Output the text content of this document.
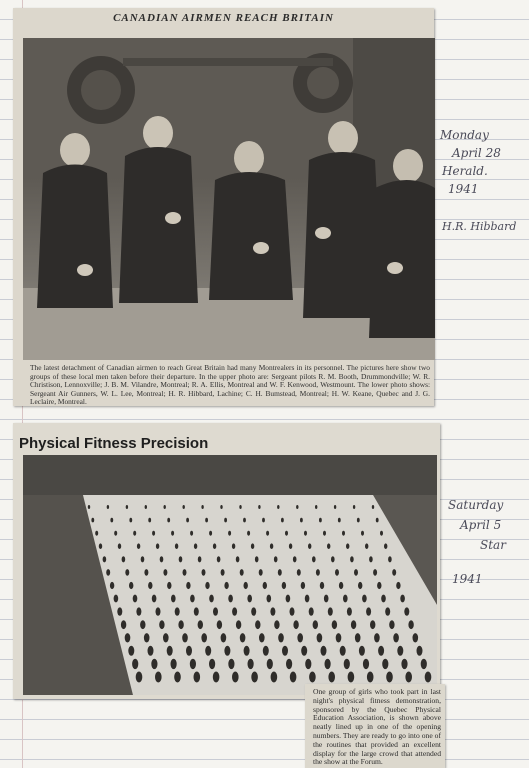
CANADIAN AIRMEN REACH BRITAIN
The latest detachment of Canadian airmen to reach Great Britain had many Montrealers in its personnel. The pictures here show two groups of these local men taken before their departure. In the upper photo are: Sergeant pilots R. M. Booth, Drummondville; W. R. Christison, Lennoxville; J. B. M. Vilandre, Montreal; R. A. Ellis, Montreal and W. F. Kenwood, Westmount. The lower photo shows: Sergeant Air Gunners, W. L. Lee, Montreal; H. R. Hibbard, Lachine; C. H. Bumstead, Montreal; H. W. Keane, Quebec and J. G. Leclaire, Montreal.
Monday
April 28
Herald.
1941
H.R. Hibbard
Physical Fitness Precision
Saturday
April 5
Star
1941
One group of girls who took part in last night's physical fitness demonstration, sponsored by the Quebec Physical Education Association, is shown above neatly lined up in one of the opening numbers. They are ready to go into one of the routines that provided an excellent display for the large crowd that attended the show at the Forum.
